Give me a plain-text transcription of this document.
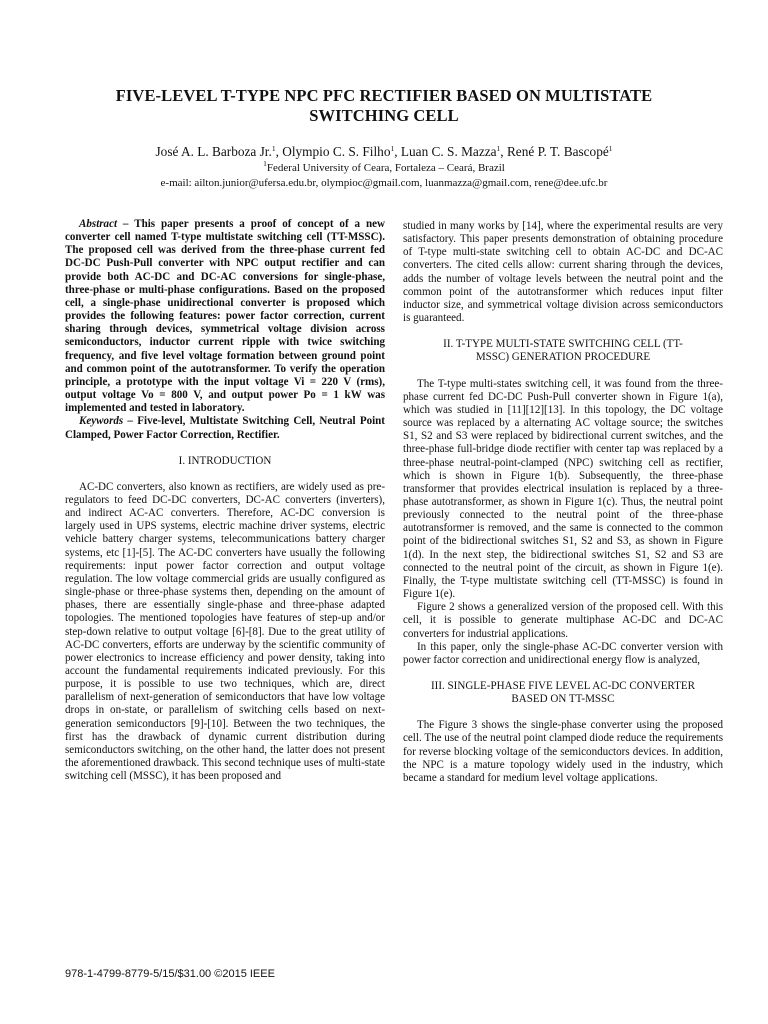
FIVE-LEVEL T-TYPE NPC PFC RECTIFIER BASED ON MULTISTATE
SWITCHING CELL
José A. L. Barboza Jr.$^1$, Olympio C. S. Filho$^1$, Luan C. S. Mazza$^1$, René P. T. Bascopé$^1$
$^1$Federal University of Ceara, Fortaleza – Ceará, Brazil
e-mail: ailton.junior@ufersa.edu.br, olympioc@gmail.com, luanmazza@gmail.com, rene@dee.ufc.br

Abstract – This paper presents a proof of concept of a new converter cell named T-type multistate switching cell (TT-MSSC). The proposed cell was derived from the three-phase current fed DC-DC Push-Pull converter with NPC output rectifier and can provide both AC-DC and DC-AC conversions for single-phase, three-phase or multi-phase configurations. Based on the proposed cell, a single-phase unidirectional converter is proposed which provides the following features: power factor correction, current sharing through devices, symmetrical voltage division across semiconductors, inductor current ripple with twice switching frequency, and five level voltage formation between ground point and common point of the autotransformer. To verify the operation principle, a prototype with the input voltage Vi = 220 V (rms), output voltage Vo = 800 V, and output power Po = 1 kW was implemented and tested in laboratory.

Keywords – Five-level, Multistate Switching Cell, Neutral Point Clamped, Power Factor Correction, Rectifier.

I. INTRODUCTION

AC-DC converters, also known as rectifiers, are widely used as pre-regulators to feed DC-DC converters, DC-AC converters (inverters), and indirect AC-AC converters. Therefore, AC-DC conversion is largely used in UPS systems, electric machine driver systems, electric vehicle battery charger systems, telecommunications battery charger systems, etc [1]-[5]. The AC-DC converters have usually the following requirements: input power factor correction and output voltage regulation. The low voltage commercial grids are usually configured as single-phase or three-phase systems then, depending on the amount of phases, there are essentially single-phase and three-phase adapted topologies. The mentioned topologies have features of step-up and/or step-down relative to output voltage [6]-[8]. Due to the great utility of AC-DC converters, efforts are underway by the scientific community of power electronics to increase efficiency and power density, taking into account the fundamental requirements indicated previously. For this purpose, it is possible to use two techniques, which are, direct parallelism of next-generation of semiconductors that have low voltage drops in on-state, or parallelism of switching cells based on next-generation semiconductors [9]-[10]. Between the two techniques, the first has the drawback of dynamic current distribution during semiconductors switching, on the other hand, the latter does not present the aforementioned drawback. This second technique uses of multi-state switching cell (MSSC), it has been proposed and

studied in many works by [14], where the experimental results are very satisfactory. This paper presents demonstration of obtaining procedure of T-type multi-state switching cell to obtain AC-DC and DC-AC converters. The cited cells allow: current sharing through the devices, adds the number of voltage levels between the neutral point and the common point of the autotransformer which reduces input filter inductor size, and symmetrical voltage division across semiconductors is guaranteed.

II. T-TYPE MULTI-STATE SWITCHING CELL (TT-
MSSC) GENERATION PROCEDURE

The T-type multi-states switching cell, it was found from the three-phase current fed DC-DC Push-Pull converter shown in Figure 1(a), which was studied in [11][12][13]. In this topology, the DC voltage source was replaced by a alternating AC voltage source; the switches S1, S2 and S3 were replaced by bidirectional current switches, and the three-phase full-bridge diode rectifier with center tap was replaced by a three-phase neutral-point-clamped (NPC) switching cell as rectifier, which is shown in Figure 1(b). Subsequently, the three-phase transformer that provides electrical insulation is replaced by a three-phase autotransformer, as shown in Figure 1(c). Thus, the neutral point previously connected to the neutral point of the three-phase autotransformer is removed, and the same is connected to the common point of the bidirectional switches S1, S2 and S3, as shown in Figure 1(d). In the next step, the bidirectional switches S1, S2 and S3 are connected to the neutral point of the circuit, as shown in Figure 1(e). Finally, the T-type multistate switching cell (TT-MSSC) is found in Figure 1(e).

Figure 2 shows a generalized version of the proposed cell. With this cell, it is possible to generate multiphase AC-DC and DC-AC converters for industrial applications.

In this paper, only the single-phase AC-DC converter version with power factor correction and unidirectional energy flow is analyzed,

III. SINGLE-PHASE FIVE LEVEL AC-DC CONVERTER
BASED ON TT-MSSC

The Figure 3 shows the single-phase converter using the proposed cell. The use of the neutral point clamped diode reduce the requirements for reverse blocking voltage of the semiconductors devices. In addition, the NPC is a mature topology widely used in the industry, which became a standard for medium level voltage applications.

978-1-4799-8779-5/15/$31.00 ©2015 IEEE
